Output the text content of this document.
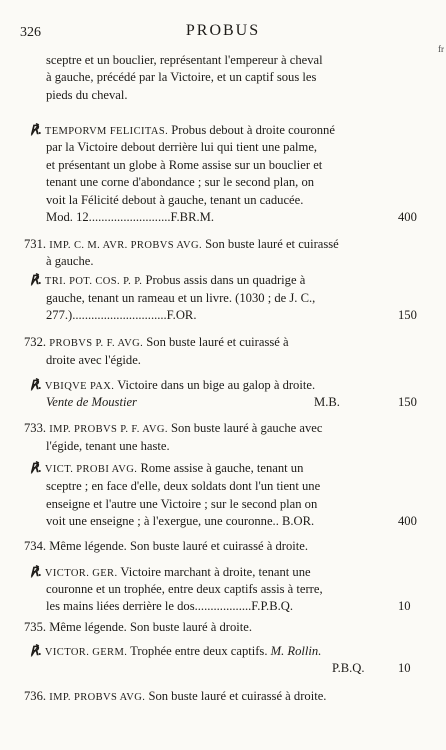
326	PROBUS
fr
sceptre et un bouclier, représentant l'empereur à cheval
à gauche, précédé par la Victoire, et un captif sous les
pieds du cheval.
℟. TEMPORVM FELICITAS. Probus debout à droite couronné
par la Victoire debout derrière lui qui tient une palme,
et présentant un globe à Rome assise sur un bouclier et
tenant une corne d'abondance ; sur le second plan, on
voit la Félicité debout à gauche, tenant un caducée.
Mod. 12..........................F.BR.M.	400
731. IMP. C. M. AVR. PROBVS AVG. Son buste lauré et cuirassé
à gauche.
℟. TRI. POT. COS. P. P. Probus assis dans un quadrige à
gauche, tenant un rameau et un livre. (1030 ; de J. C.,
277.)..............................F.OR.	150
732. PROBVS P. F. AVG. Son buste lauré et cuirassé à
droite avec l'égide.
℟. VBIQVE PAX. Victoire dans un bige au galop à droite.
Vente de Moustier	M.B.	150
733. IMP. PROBVS P. F. AVG. Son buste lauré à gauche avec
l'égide, tenant une haste.
℟. VICT. PROBI AVG. Rome assise à gauche, tenant un
sceptre ; en face d'elle, deux soldats dont l'un tient une
enseigne et l'autre une Victoire ; sur le second plan on
voit une enseigne ; à l'exergue, une couronne.. B.OR.	400
734. Même légende. Son buste lauré et cuirassé à droite.
℟. VICTOR. GER. Victoire marchant à droite, tenant une
couronne et un trophée, entre deux captifs assis à terre,
les mains liées derrière le dos..................F.P.B.Q.	10
735. Même légende. Son buste lauré à droite.
℟. VICTOR. GERM. Trophée entre deux captifs. M. Rollin.
P.B.Q.	10
736. IMP. PROBVS AVG. Son buste lauré et cuirassé à droite.
